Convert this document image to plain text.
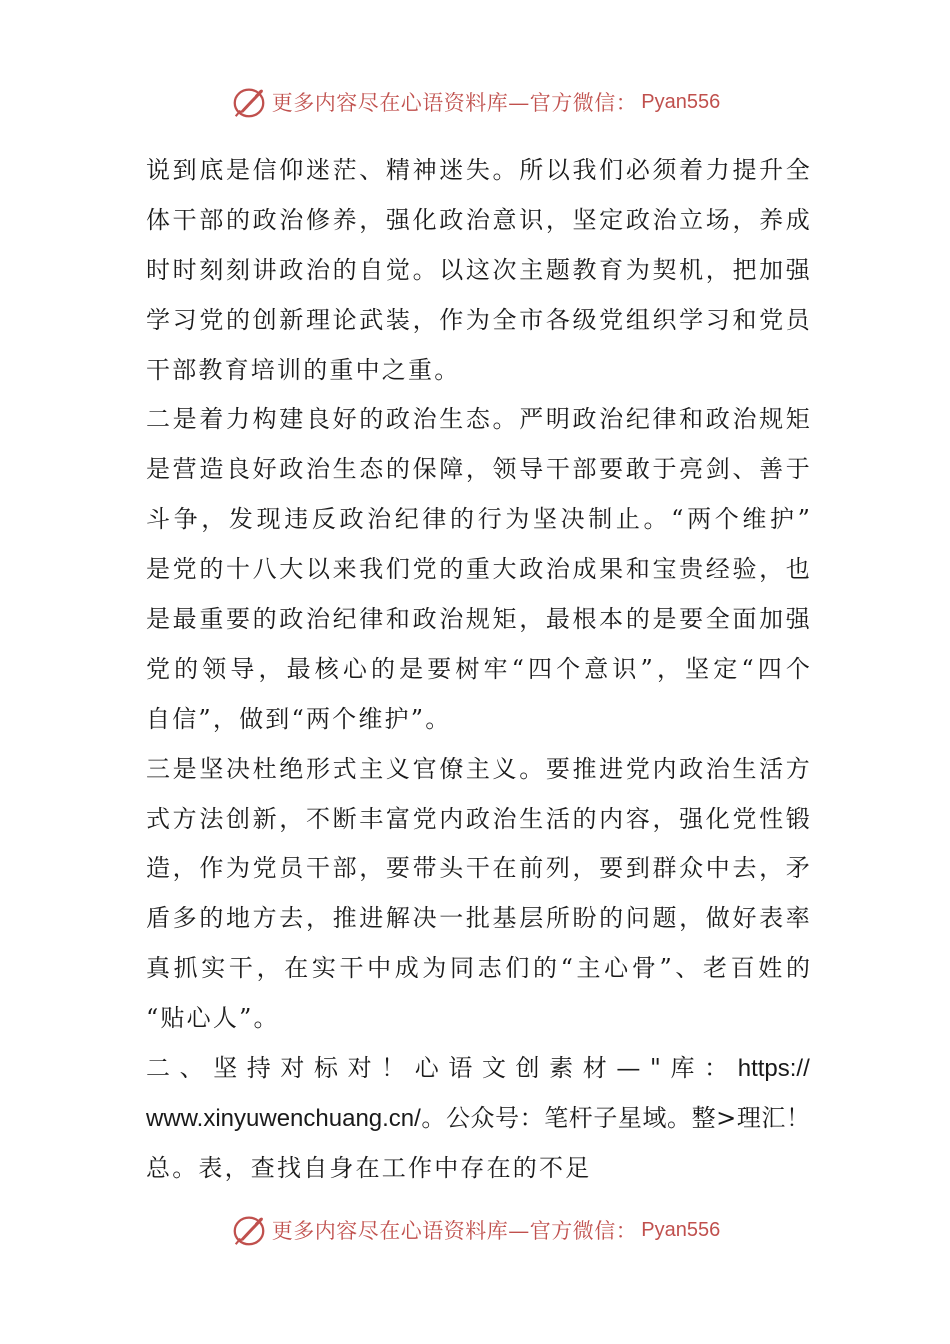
更多内容尽在心语资料库—官方微信： Pyan556
说 到 底 是 信 仰 迷 茫 、 精 神 迷 失 。 所 以 我 们 必 须 着 力 提 升 全
体 干 部 的 政 治 修 养 ， 强 化 政 治 意 识 ， 坚 定 政 治 立 场 ， 养 成
时 时 刻 刻 讲 政 治 的 自 觉 。 以 这 次 主 题 教 育 为 契 机 ， 把 加 强
学 习 党 的 创 新 理 论 武 装 ， 作 为 全 市 各 级 党 组 织 学 习 和 党 员
干部教育培训的重中之重。
二 是 着 力 构 建 良 好 的 政 治 生 态 。 严 明 政 治 纪 律 和 政 治 规 矩
是 营 造 良 好 政 治 生 态 的 保 障 ， 领 导 干 部 要 敢 于 亮 剑 、 善 于
斗 争 ， 发 现 违 反 政 治 纪 律 的 行 为 坚 决 制 止 。 “ 两 个 维 护 ”
是 党 的 十 八 大 以 来 我 们 党 的 重 大 政 治 成 果 和 宝 贵 经 验 ， 也
是 最 重 要 的 政 治 纪 律 和 政 治 规 矩 ， 最 根 本 的 是 要 全 面 加 强
党 的 领 导 ， 最 核 心 的 是 要 树 牢 “ 四 个 意 识 ” ， 坚 定 “ 四 个
自信”，做到“两个维护”。
三 是 坚 决 杜 绝 形 式 主 义 官 僚 主 义 。 要 推 进 党 内 政 治 生 活 方
式 方 法 创 新 ， 不 断 丰 富 党 内 政 治 生 活 的 内 容 ， 强 化 党 性 锻
造 ， 作 为 党 员 干 部 ， 要 带 头 干 在 前 列 ， 要 到 群 众 中 去 ， 矛
盾 多 的 地 方 去 ， 推 进 解 决 一 批 基 层 所 盼 的 问 题 ， 做 好 表 率
真 抓 实 干 ， 在 实 干 中 成 为 同 志 们 的 “ 主 心 骨 ” 、 老 百 姓 的
“贴心人”。
二 、 坚 持 对 标 对 ！ 心 语 文 创 素 材 — " 库 ： https://
www.xinyuwenchuang.cn/ 。 公 众 号 ： 笔 杆 子 星 域 。 整 > 理 汇 ！
总。表，查找自身在工作中存在的不足
更多内容尽在心语资料库—官方微信： Pyan556
